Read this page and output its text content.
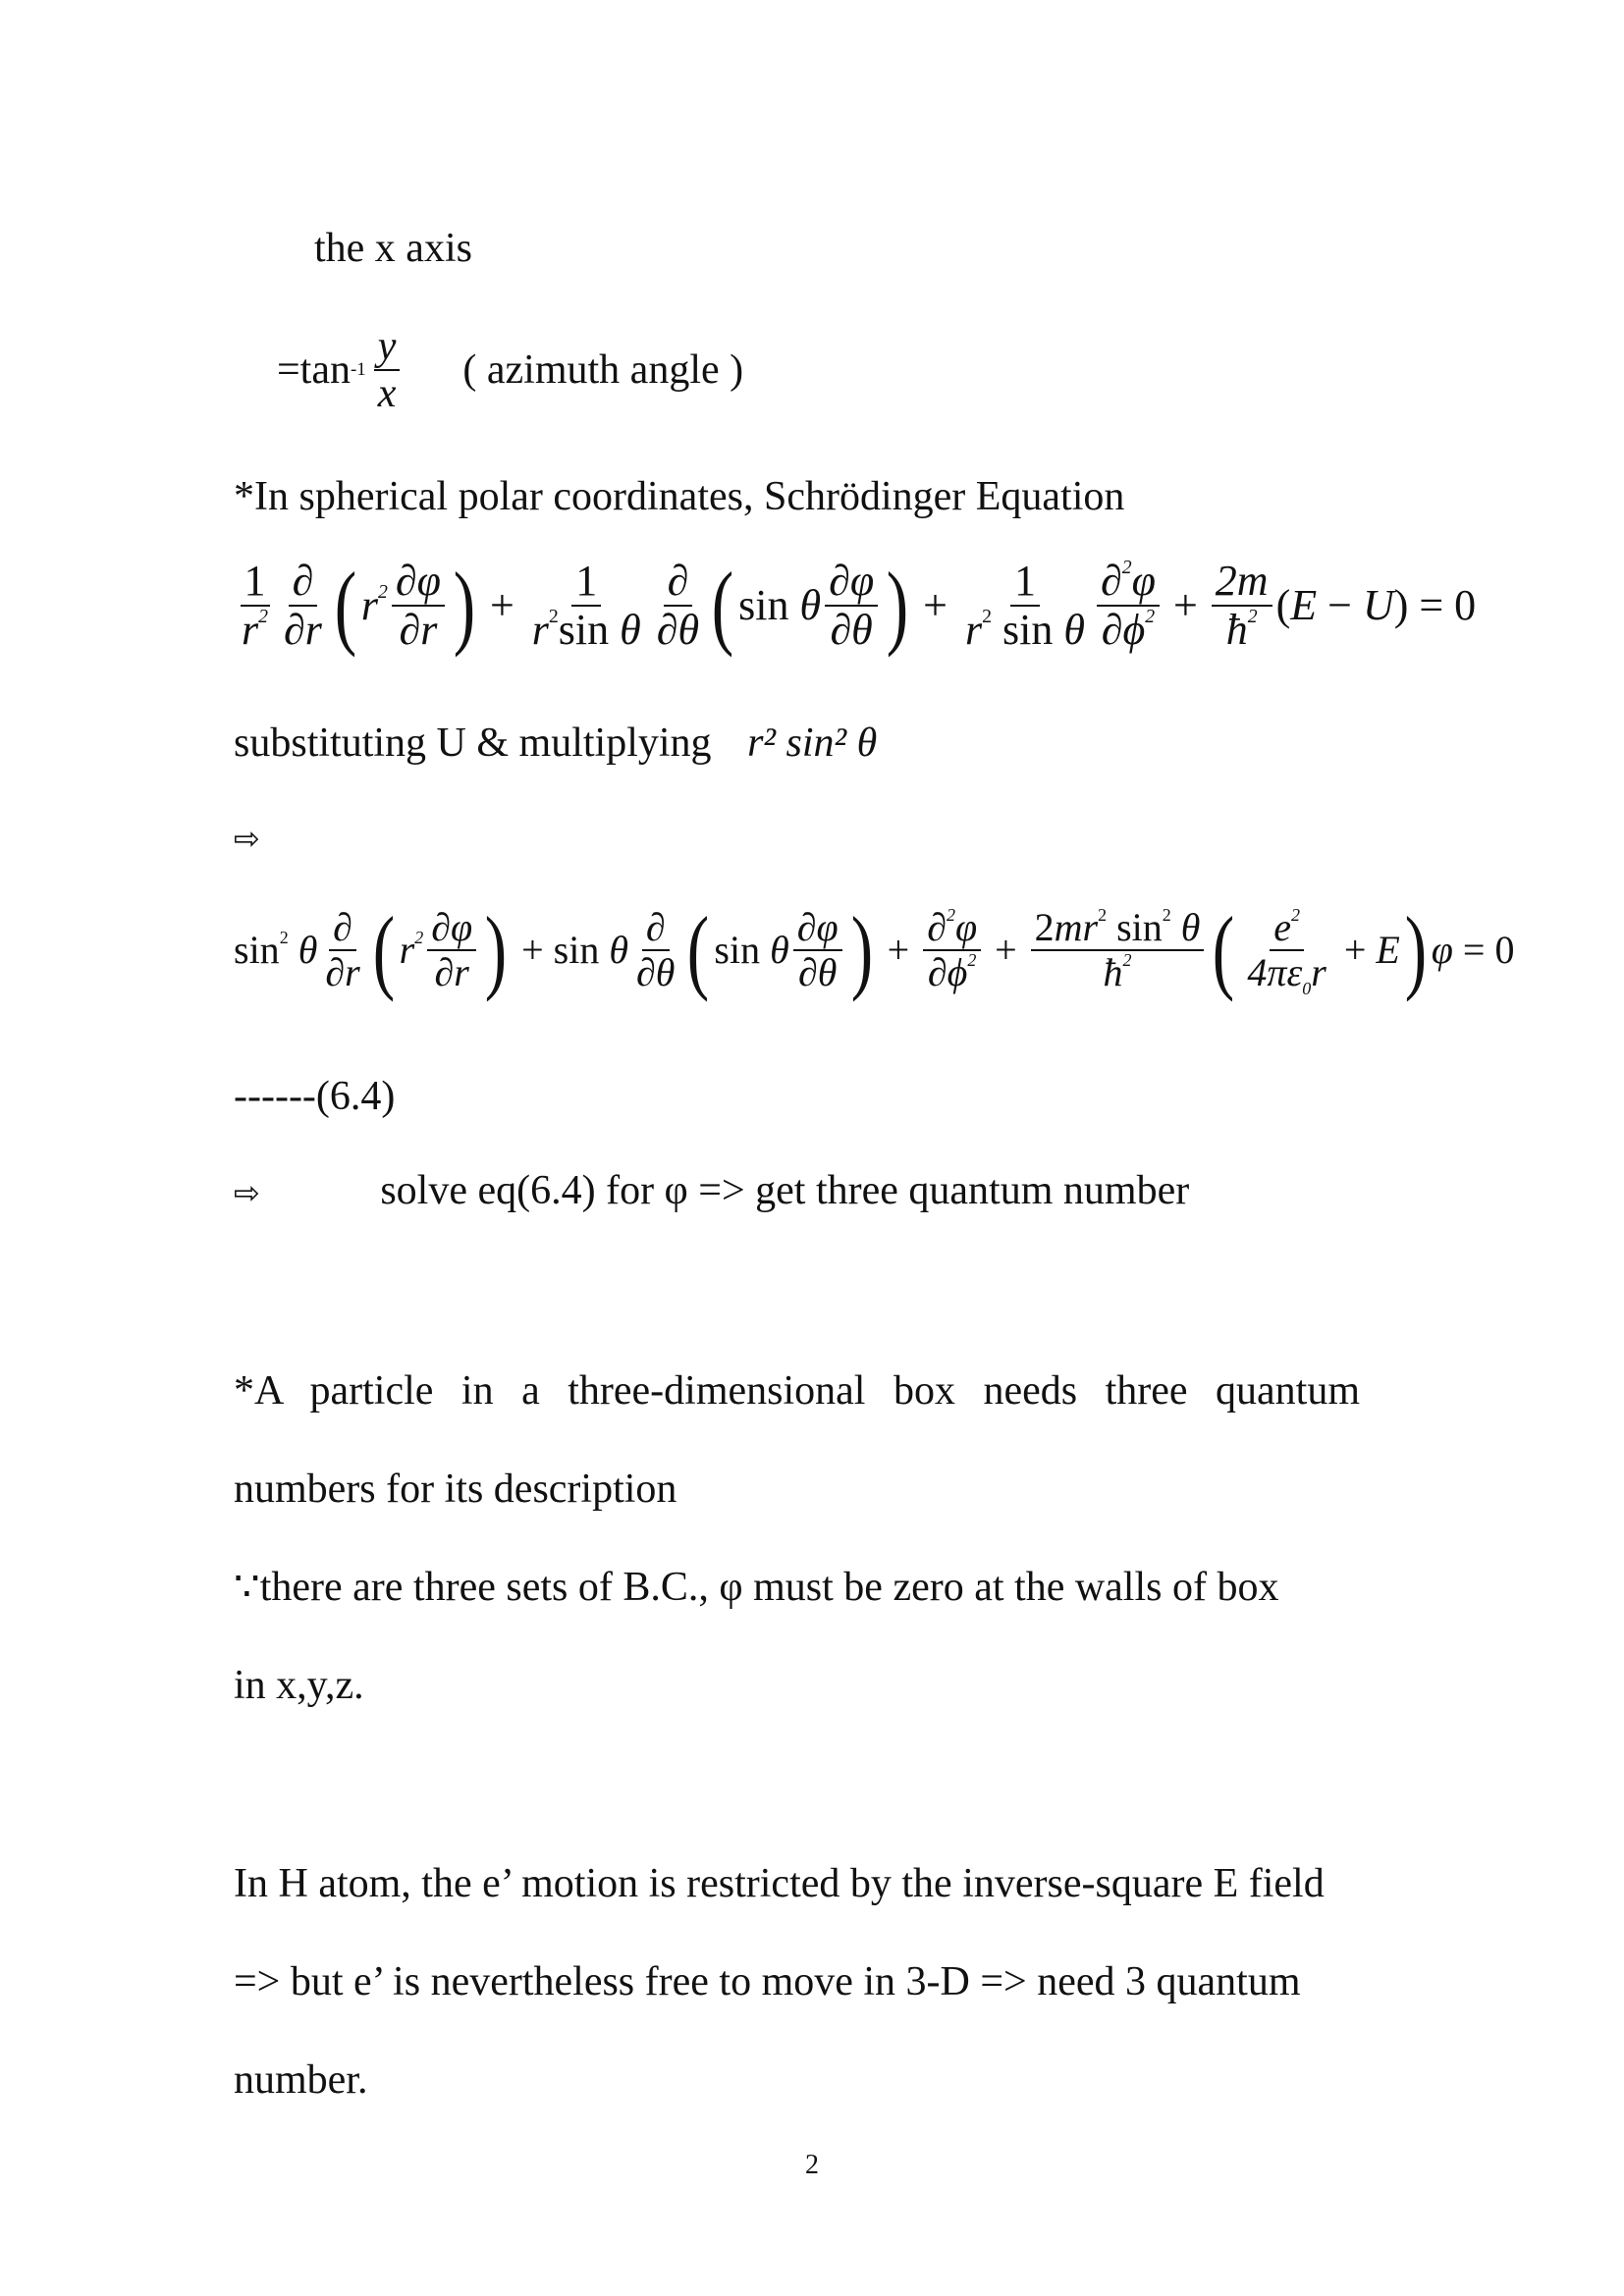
the x axis
=tan $-1 \frac{y}{x}$ ( azimuth angle )
*In spherical polar coordinates, Schrödinger Equation
$\frac{1}{r^2} \frac{\partial}{\partial r}$ ( $r^2 \frac{\partial\varphi}{\partial r}$ ) + $\frac{1}{r^2\sin \theta} \frac{\partial}{\partial\theta}$ ( sin θ $\frac{\partial\varphi}{\partial\theta}$ ) + $\frac{1}{r^2 \sin \theta} \frac{\partial^2\varphi}{\partial\phi^2} + \frac{2m}{ħ^2} (E - U) = 0$
substituting U & multiplying r² sin² θ
⇨
$\sin^2 \theta \frac{\partial}{\partial r}$ ( $r^2 \frac{\partial\varphi}{\partial r}$ ) + sin θ $\frac{\partial}{\partial\theta}$ ( sin θ $\frac{\partial\varphi}{\partial\theta}$ ) + $\frac{\partial^2\varphi}{\partial\phi^2} + \frac{2mr^2 \sin^2 \theta}{ħ^2}$ ( $\frac{e^2}{4\pi\varepsilon_0r} + E$ ) φ = 0
------(6.4)
⇨	solve eq(6.4) for φ => get three quantum number
*A particle in a three-dimensional box needs three quantum
numbers for its description
∵there are three sets of B.C., φ must be zero at the walls of box
in x,y,z.
In H atom, the e’ motion is restricted by the inverse-square E field
=> but e’ is nevertheless free to move in 3-D => need 3 quantum
number.
2
